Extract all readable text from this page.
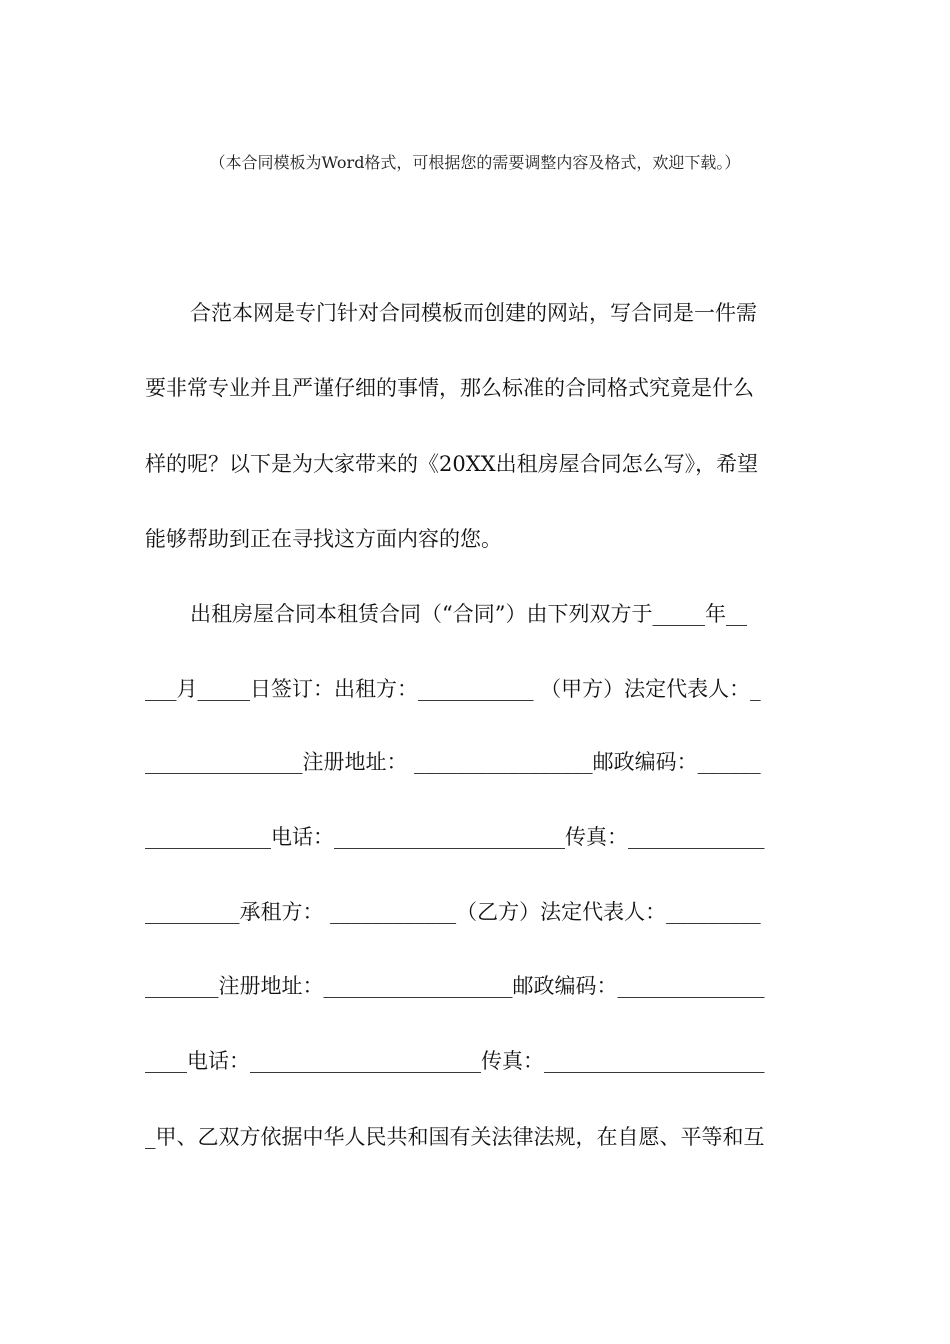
（本合同模板为Word格式，可根据您的需要调整内容及格式，欢迎下载。）
合范本网是专门针对合同模板而创建的网站，写合同是一件需
要非常专业并且严谨仔细的事情，那么标准的合同格式究竟是什么
样的呢？以下是为大家带来的《20XX出租房屋合同怎么写》，希望
能够帮助到正在寻找这方面内容的您。
出租房屋合同本租赁合同（“合同”）由下列双方于_____年__
___月_____日签订：出租方：___________ （甲方）法定代表人：_
_______________注册地址： _________________邮政编码：______
____________电话：______________________传真：_____________
_________承租方： ____________（乙方）法定代表人：_________
_______注册地址：__________________邮政编码：______________
____电话：______________________传真：_____________________
_甲、乙双方依据中华人民共和国有关法律法规，在自愿、平等和互
